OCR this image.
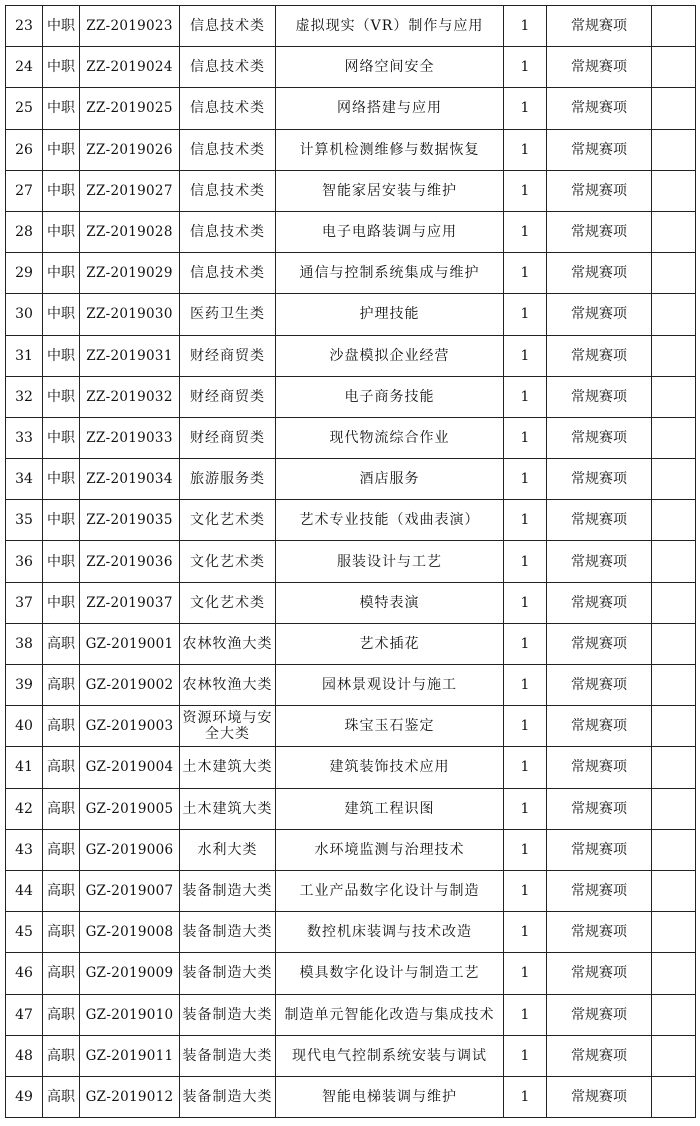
23	中职	ZZ-2019023	信息技术类	虚拟现实（VR）制作与应用	1	常规赛项	
24	中职	ZZ-2019024	信息技术类	网络空间安全	1	常规赛项	
25	中职	ZZ-2019025	信息技术类	网络搭建与应用	1	常规赛项	
26	中职	ZZ-2019026	信息技术类	计算机检测维修与数据恢复	1	常规赛项	
27	中职	ZZ-2019027	信息技术类	智能家居安装与维护	1	常规赛项	
28	中职	ZZ-2019028	信息技术类	电子电路装调与应用	1	常规赛项	
29	中职	ZZ-2019029	信息技术类	通信与控制系统集成与维护	1	常规赛项	
30	中职	ZZ-2019030	医药卫生类	护理技能	1	常规赛项	
31	中职	ZZ-2019031	财经商贸类	沙盘模拟企业经营	1	常规赛项	
32	中职	ZZ-2019032	财经商贸类	电子商务技能	1	常规赛项	
33	中职	ZZ-2019033	财经商贸类	现代物流综合作业	1	常规赛项	
34	中职	ZZ-2019034	旅游服务类	酒店服务	1	常规赛项	
35	中职	ZZ-2019035	文化艺术类	艺术专业技能（戏曲表演）	1	常规赛项	
36	中职	ZZ-2019036	文化艺术类	服装设计与工艺	1	常规赛项	
37	中职	ZZ-2019037	文化艺术类	模特表演	1	常规赛项	
38	高职	GZ-2019001	农林牧渔大类	艺术插花	1	常规赛项	
39	高职	GZ-2019002	农林牧渔大类	园林景观设计与施工	1	常规赛项	
40	高职	GZ-2019003	资源环境与安全大类	珠宝玉石鉴定	1	常规赛项	
41	高职	GZ-2019004	土木建筑大类	建筑装饰技术应用	1	常规赛项	
42	高职	GZ-2019005	土木建筑大类	建筑工程识图	1	常规赛项	
43	高职	GZ-2019006	水利大类	水环境监测与治理技术	1	常规赛项	
44	高职	GZ-2019007	装备制造大类	工业产品数字化设计与制造	1	常规赛项	
45	高职	GZ-2019008	装备制造大类	数控机床装调与技术改造	1	常规赛项	
46	高职	GZ-2019009	装备制造大类	模具数字化设计与制造工艺	1	常规赛项	
47	高职	GZ-2019010	装备制造大类	制造单元智能化改造与集成技术	1	常规赛项	
48	高职	GZ-2019011	装备制造大类	现代电气控制系统安装与调试	1	常规赛项	
49	高职	GZ-2019012	装备制造大类	智能电梯装调与维护	1	常规赛项	
